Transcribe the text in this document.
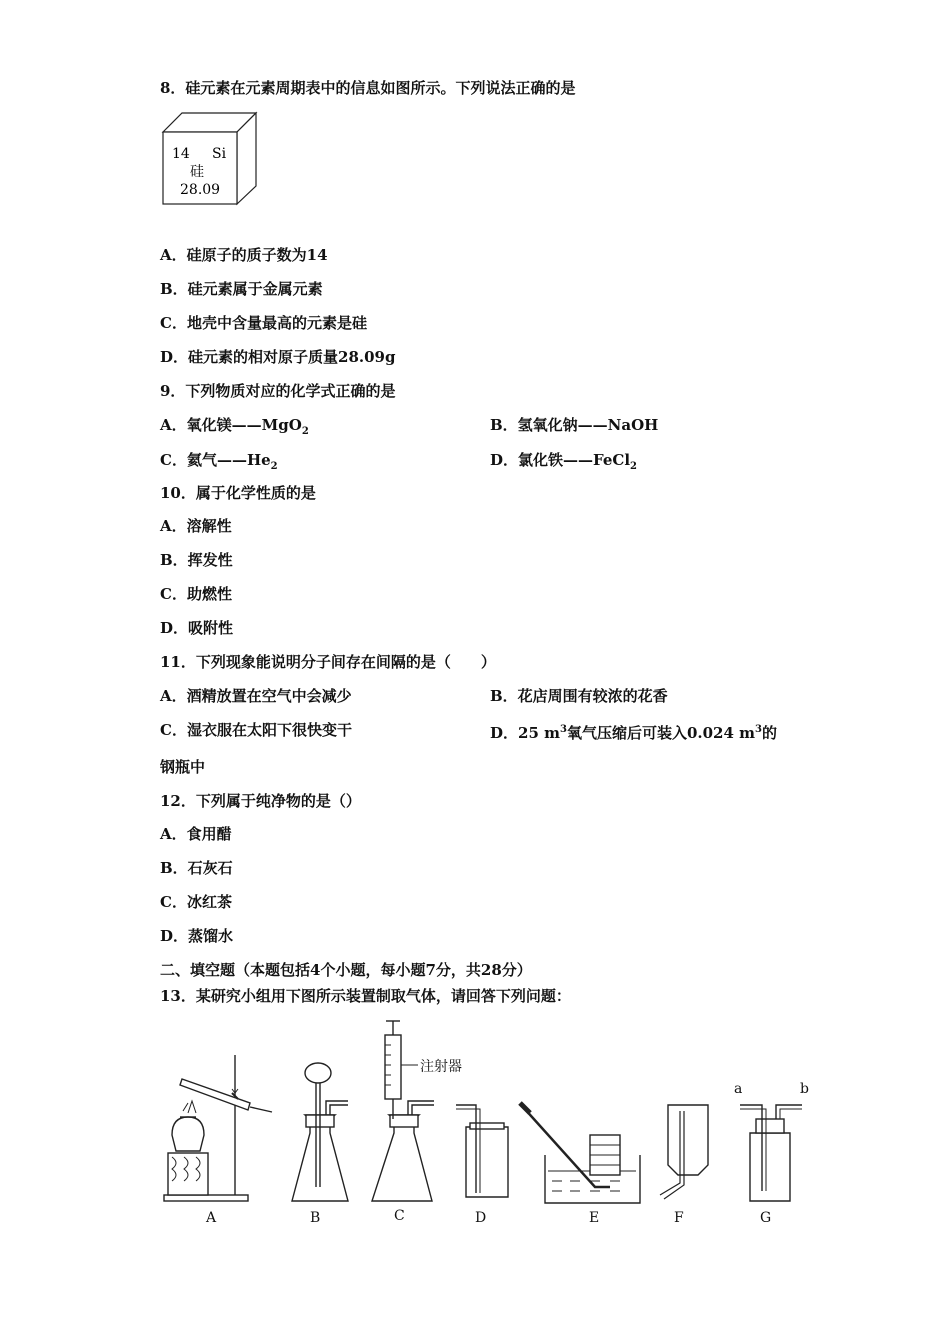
8．硅元素在元素周期表中的信息如图所示。下列说法正确的是
14 Si
硅
28.09
A．硅原子的质子数为14
B．硅元素属于金属元素
C．地壳中含量最高的元素是硅
D．硅元素的相对原子质量28.09g
9．下列物质对应的化学式正确的是
A．氧化镁——MgO$_2$	B．氢氧化钠——NaOH
C．氦气$——He_2$	D．氯化铁——FeCl$_2$
10．属于化学性质的是
A．溶解性
B．挥发性
C．助燃性
D．吸附性
11．下列现象能说明分子间存在间隔的是（　　）
A．酒精放置在空气中会减少	B．花店周围有较浓的花香
C．湿衣服在太阳下很快变干	D．25 $m^3$氧气压缩后可装入0.024 $m^3$的
钢瓶中
12．下列属于纯净物的是（）
A．食用醋
B．石灰石
C．冰红茶
D．蒸馏水
二、填空题（本题包括4个小题，每小题7分，共28分）
13．某研究小组用下图所示装置制取气体，请回答下列问题：
注射器
a	b
A	B	C	D	E	F	G
